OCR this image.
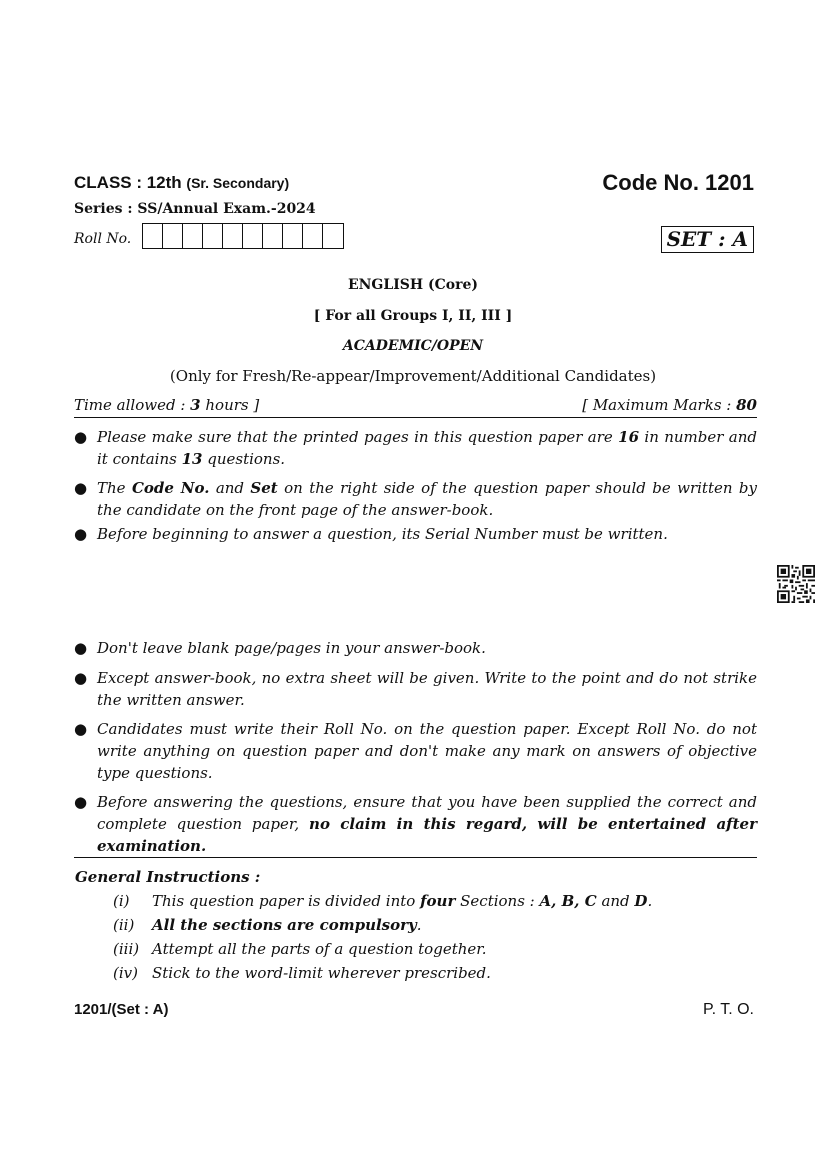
CLASS : 12th (Sr. Secondary)	Code No. 1201
Series : SS/Annual Exam.-2024
Roll No.	SET : A
ENGLISH (Core)
[ For all Groups I, II, III ]
ACADEMIC/OPEN
(Only for Fresh/Re-appear/Improvement/Additional Candidates)
Time allowed : 3 hours ]	[ Maximum Marks : 80
● Please make sure that the printed pages in this question paper are 16 in number and it contains 13 questions.
● The Code No. and Set on the right side of the question paper should be written by the candidate on the front page of the answer-book.
● Before beginning to answer a question, its Serial Number must be written.
● Don't leave blank page/pages in your answer-book.
● Except answer-book, no extra sheet will be given. Write to the point and do not strike the written answer.
● Candidates must write their Roll No. on the question paper. Except Roll No. do not write anything on question paper and don't make any mark on answers of objective type questions.
● Before answering the questions, ensure that you have been supplied the correct and complete question paper, no claim in this regard, will be entertained after examination.
General Instructions :
(i) This question paper is divided into four Sections : A, B, C and D.
(ii) All the sections are compulsory.
(iii) Attempt all the parts of a question together.
(iv) Stick to the word-limit wherever prescribed.
1201/(Set : A)	P. T. O.
